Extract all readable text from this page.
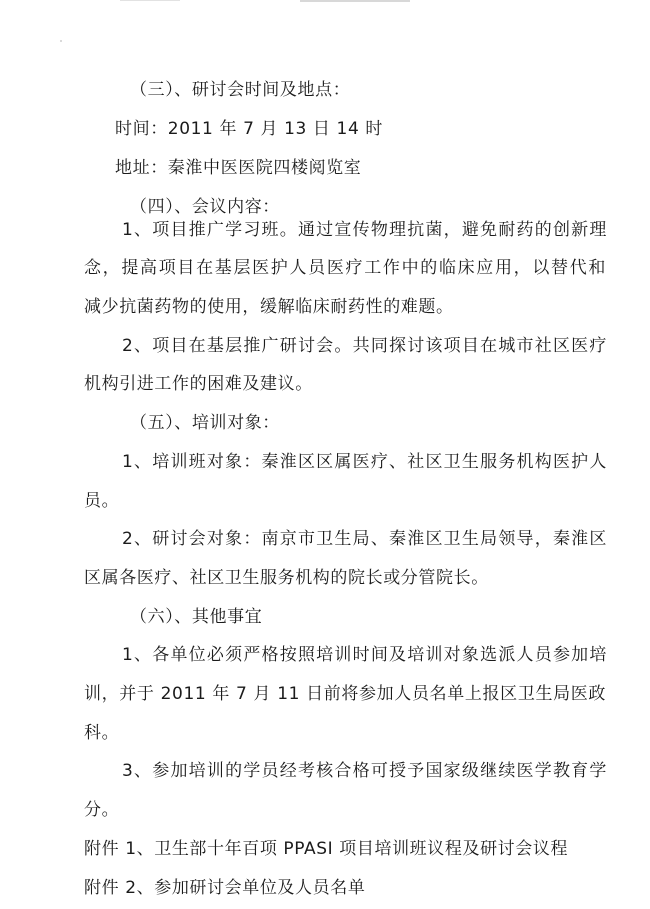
（三）、研讨会时间及地点：
时间：2011 年 7 月 13 日 14 时
地址：秦淮中医医院四楼阅览室
（四）、会议内容：
1、项目推广学习班。通过宣传物理抗菌，避免耐药的创新理
念，提高项目在基层医护人员医疗工作中的临床应用，以替代和
减少抗菌药物的使用，缓解临床耐药性的难题。
2、项目在基层推广研讨会。共同探讨该项目在城市社区医疗
机构引进工作的困难及建议。
（五）、培训对象：
1、培训班对象：秦淮区区属医疗、社区卫生服务机构医护人
员。
2、研讨会对象：南京市卫生局、秦淮区卫生局领导，秦淮区
区属各医疗、社区卫生服务机构的院长或分管院长。
（六）、其他事宜
1、各单位必须严格按照培训时间及培训对象选派人员参加培
训，并于 2011 年 7 月 11 日前将参加人员名单上报区卫生局医政
科。
3、参加培训的学员经考核合格可授予国家级继续医学教育学
分。
附件 1、卫生部十年百项 PPASI 项目培训班议程及研讨会议程
附件 2、参加研讨会单位及人员名单
